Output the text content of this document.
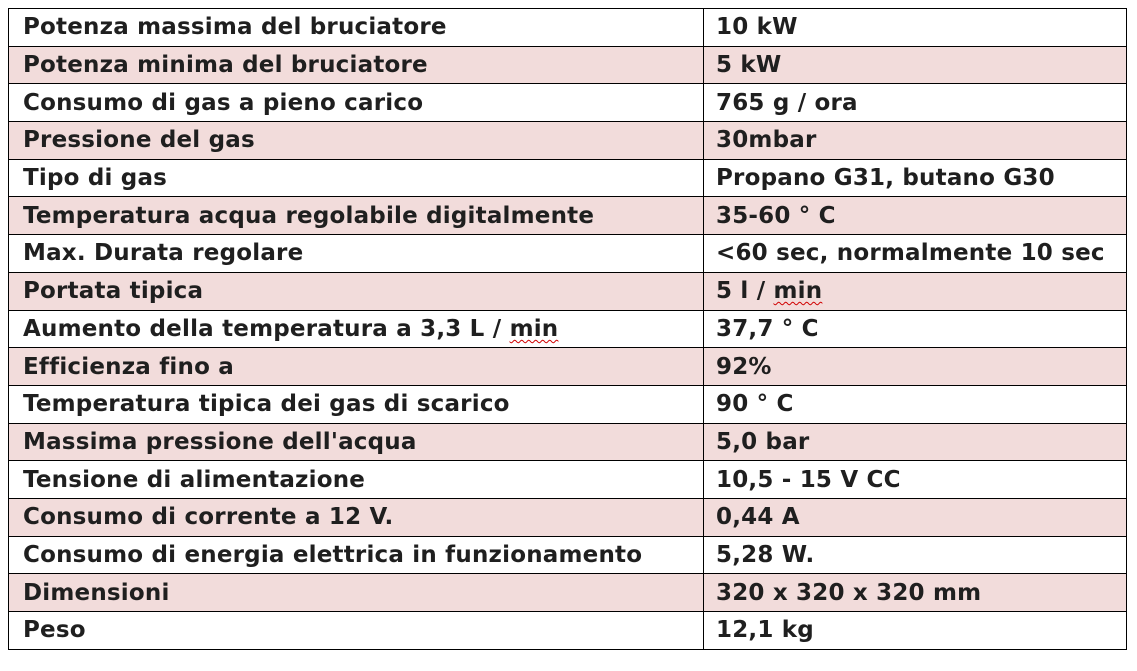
Potenza massima del bruciatore	10 kW
Potenza minima del bruciatore	5 kW
Consumo di gas a pieno carico	765 g / ora
Pressione del gas	30mbar
Tipo di gas	Propano G31, butano G30
Temperatura acqua regolabile digitalmente	35-60 ° C
Max. Durata regolare	<60 sec, normalmente 10 sec
Portata tipica	5 l / min
Aumento della temperatura a 3,3 L / min	37,7 ° C
Efficienza fino a	92%
Temperatura tipica dei gas di scarico	90 ° C
Massima pressione dell'acqua	5,0 bar
Tensione di alimentazione	10,5 - 15 V CC
Consumo di corrente a 12 V.	0,44 A
Consumo di energia elettrica in funzionamento	5,28 W.
Dimensioni	320 x 320 x 320 mm
Peso	12,1 kg
